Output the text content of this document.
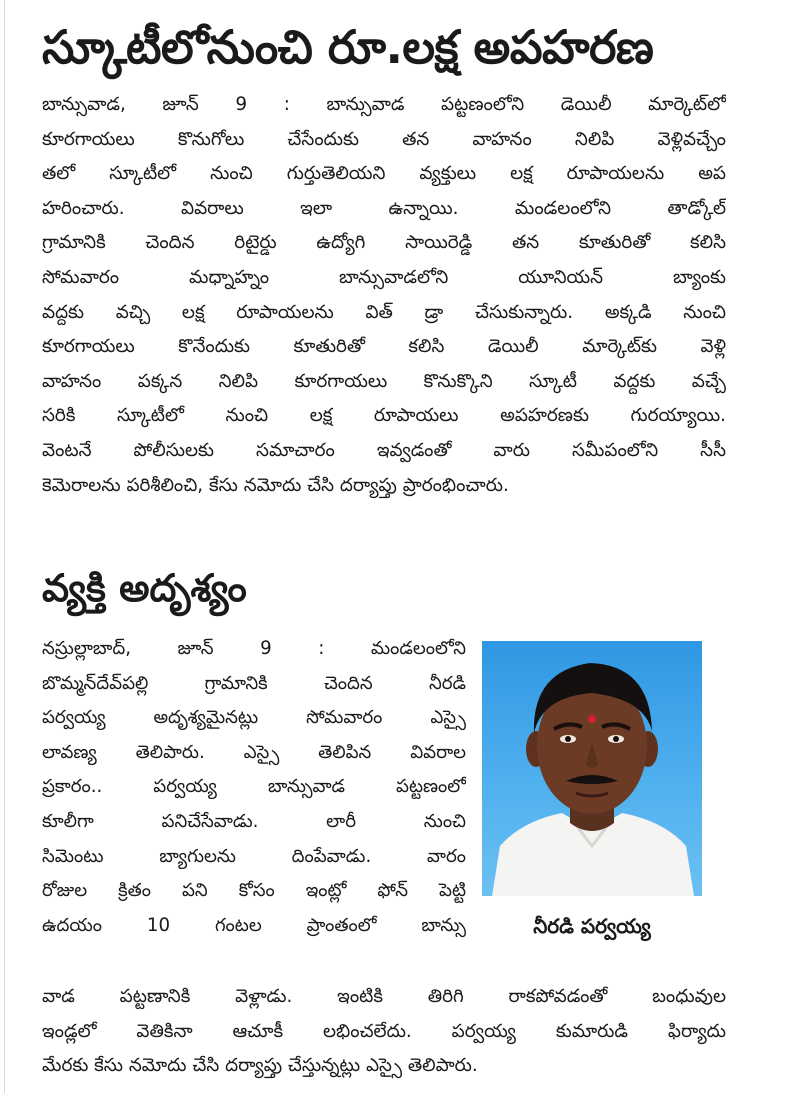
స్కూటీలోనుంచి రూ.లక్ష అపహరణ
బాన్సువాడ, జూన్ 9 : బాన్సువాడ పట్టణంలోని డెయిలీ మార్కెట్‌లో
కూరగాయలు కొనుగోలు చేసేందుకు తన వాహనం నిలిపి వెళ్లివచ్చేం
తలో స్కూటీలో నుంచి గుర్తుతెలియని వ్యక్తులు లక్ష రూపాయలను అప
హరించారు. వివరాలు ఇలా ఉన్నాయి. మండలంలోని తాడ్కోల్
గ్రామానికి చెందిన రిటైర్డు ఉద్యోగి సాయిరెడ్డి తన కూతురితో కలిసి
సోమవారం మధ్నాహ్నం బాన్సువాడలోని యూనియన్ బ్యాంకు
వద్దకు వచ్చి లక్ష రూపాయలను విత్ డ్రా చేసుకున్నారు. అక్కడి నుంచి
కూరగాయలు కొనేందుకు కూతురితో కలిసి డెయిలీ మార్కెట్‌కు వెళ్లి
వాహనం పక్కన నిలిపి కూరగాయలు కొనుక్కొని స్కూటీ వద్దకు వచ్చే
సరికి స్కూటీలో నుంచి లక్ష రూపాయలు అపహరణకు గురయ్యాయి.
వెంటనే పోలీసులకు సమాచారం ఇవ్వడంతో వారు సమీపంలోని సీసీ
కెమెరాలను పరిశీలించి, కేసు నమోదు చేసి దర్యాప్తు ప్రారంభించారు.
వ్యక్తి అదృశ్యం
నస్రుల్లాబాద్, జూన్ 9 : మండలంలోని
బొమ్మన్‌దేవ్‌పల్లి గ్రామానికి చెందిన నీరడి
పర్వయ్య అదృశ్యమైనట్లు సోమవారం ఎస్సై
లావణ్య తెలిపారు. ఎస్సై తెలిపిన వివరాల
ప్రకారం.. పర్వయ్య బాన్సువాడ పట్టణంలో
కూలీగా పనిచేసేవాడు. లారీ నుంచి
సిమెంటు బ్యాగులను దింపేవాడు. వారం
రోజుల క్రితం పని కోసం ఇంట్లో ఫోన్ పెట్టి
ఉదయం 10 గంటల ప్రాంతంలో బాన్సు	నీరడి పర్వయ్య
వాడ పట్టణానికి వెళ్లాడు. ఇంటికి తిరిగి రాకపోవడంతో బంధువుల
ఇండ్లలో వెతికినా ఆచూకీ లభించలేదు. పర్వయ్య కుమారుడి ఫిర్యాదు
మేరకు కేసు నమోదు చేసి దర్యాప్తు చేస్తున్నట్లు ఎస్సై తెలిపారు.
